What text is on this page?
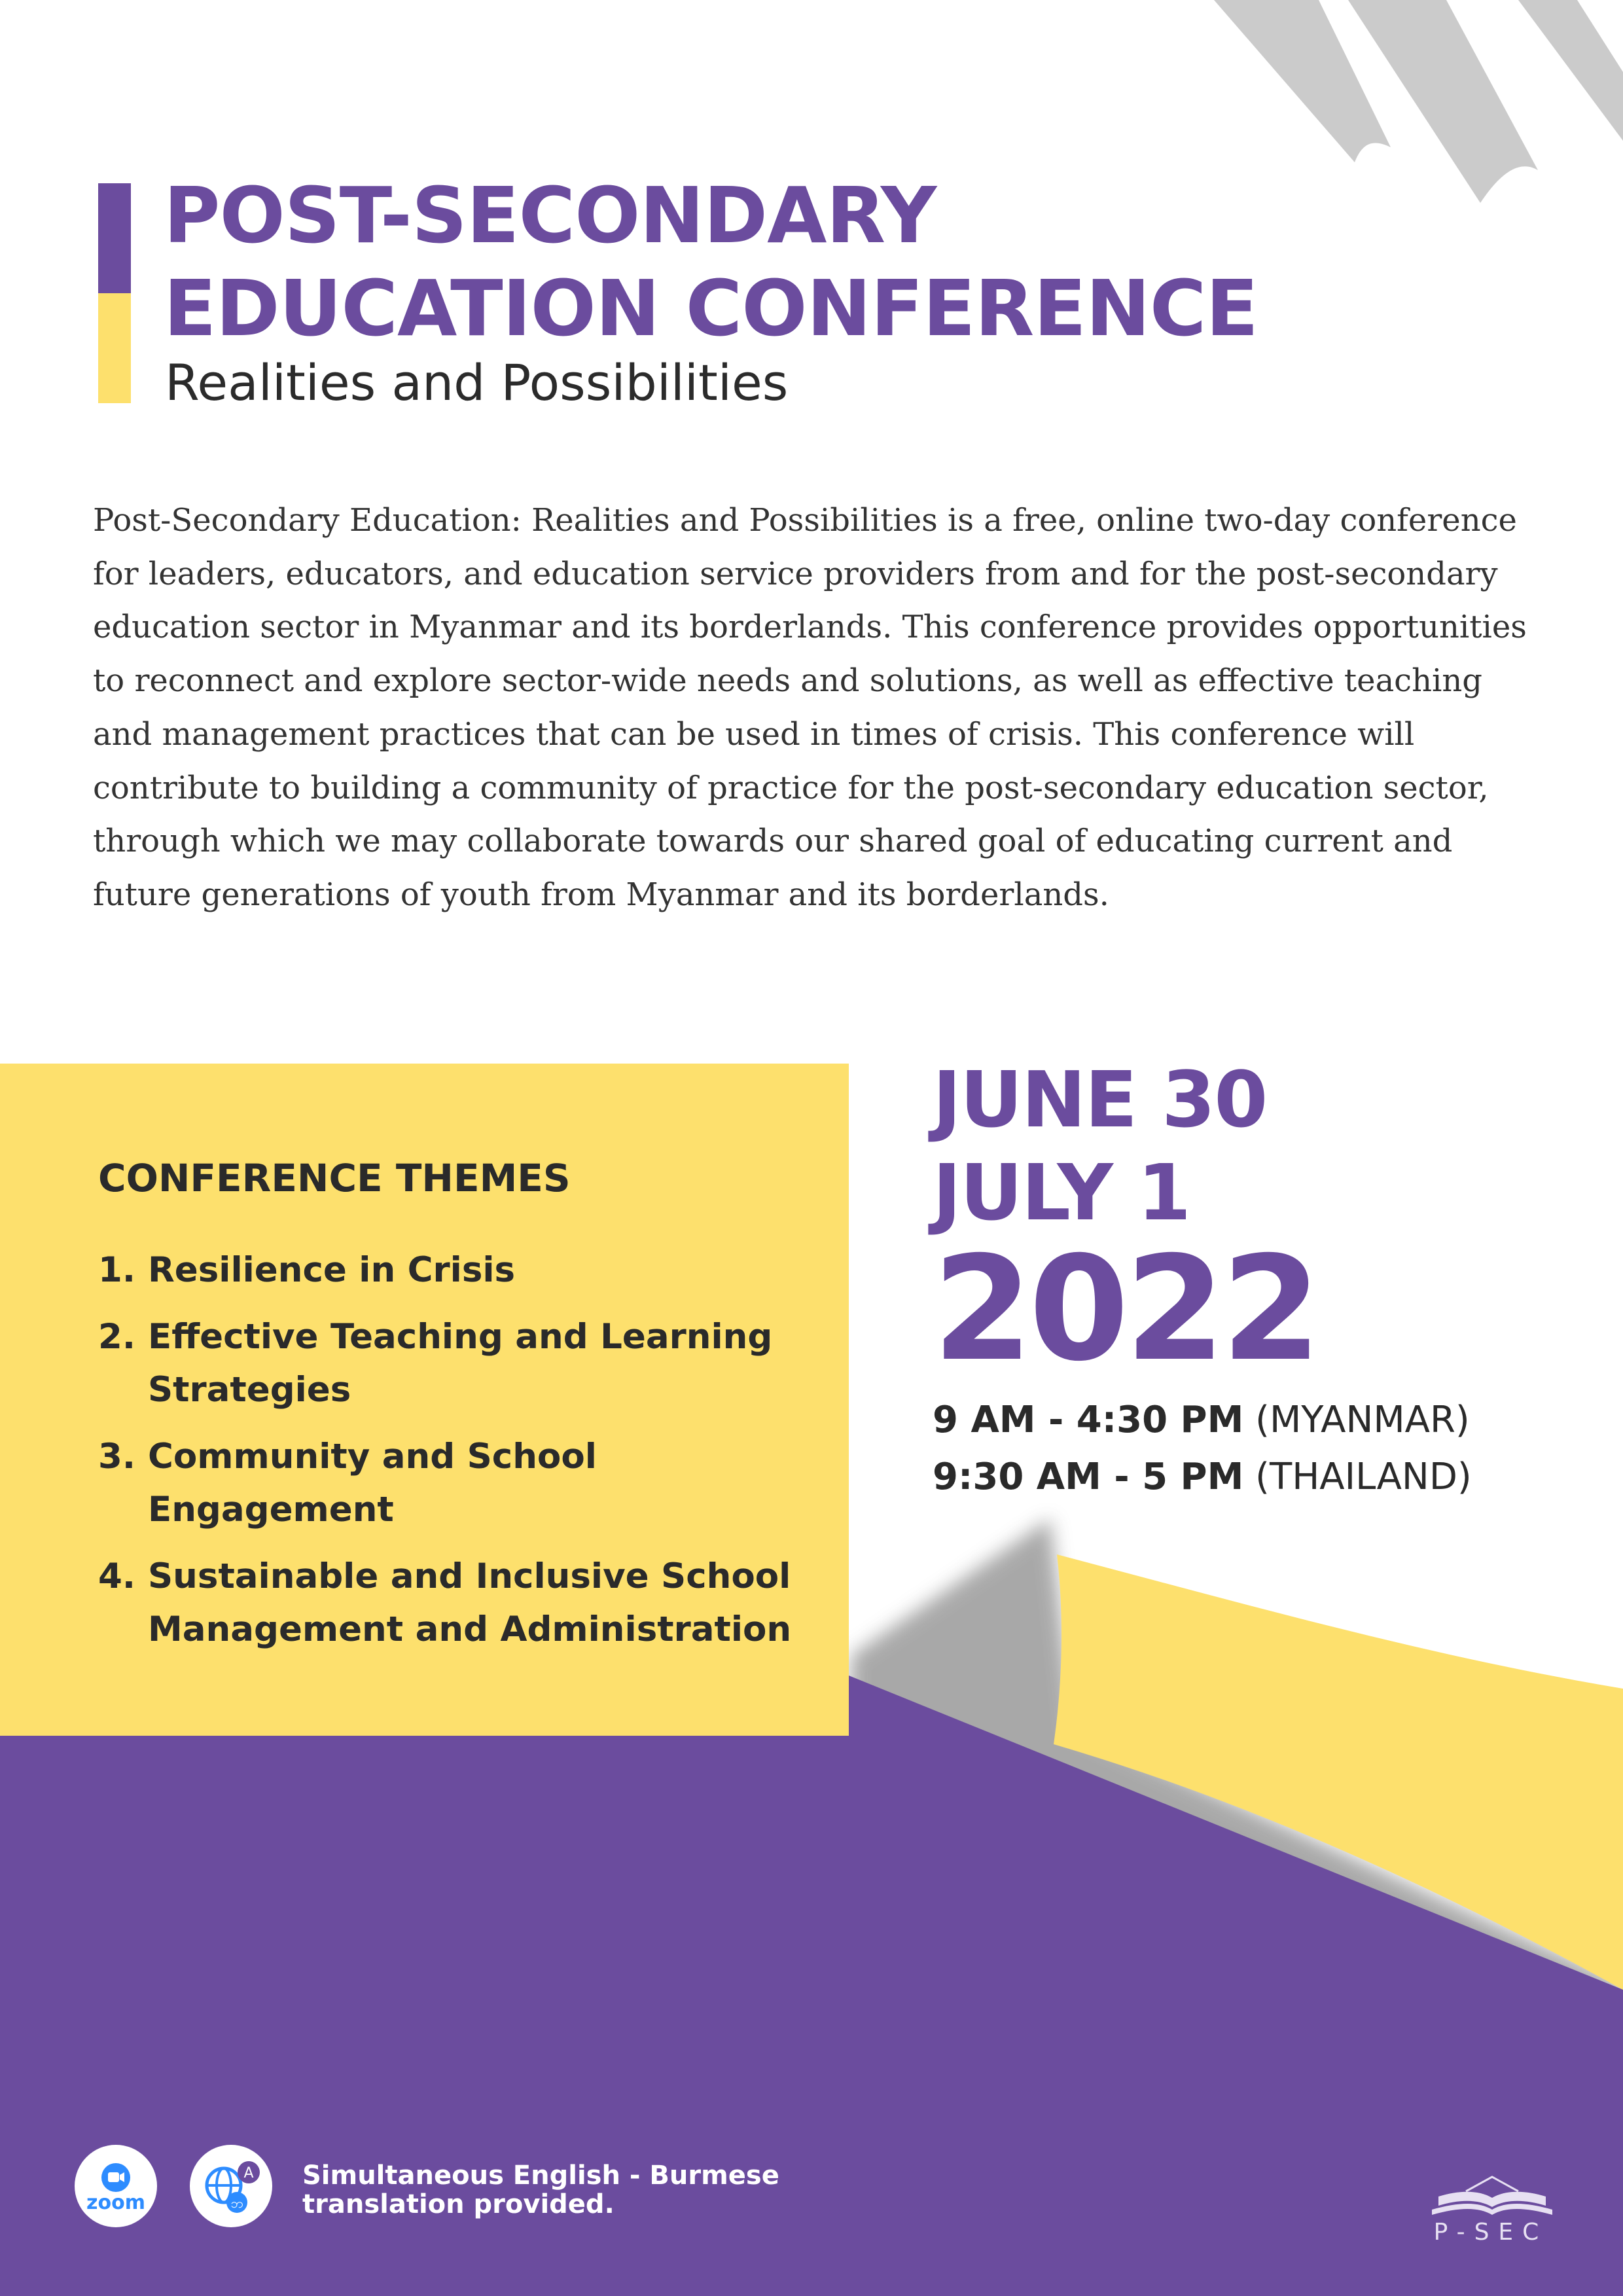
POST-SECONDARY
EDUCATION CONFERENCE

Realities and Possibilities

Post-Secondary Education: Realities and Possibilities is a free, online two-day conference for leaders, educators, and education service providers from and for the post-secondary education sector in Myanmar and its borderlands. This conference provides opportunities to reconnect and explore sector-wide needs and solutions, as well as effective teaching and management practices that can be used in times of crisis. This conference will contribute to building a community of practice for the post-secondary education sector, through which we may collaborate towards our shared goal of educating current and future generations of youth from Myanmar and its borderlands.

CONFERENCE THEMES
1. Resilience in Crisis
2. Effective Teaching and Learning Strategies
3. Community and School Engagement
4. Sustainable and Inclusive School Management and Administration

JUNE 30

JULY 1

2022

9 AM - 4:30 PM (MYANMAR)

9:30 AM - 5 PM (THAILAND)

zoom
A
ဘ

Simultaneous English - Burmese
translation provided.

P-SEC
